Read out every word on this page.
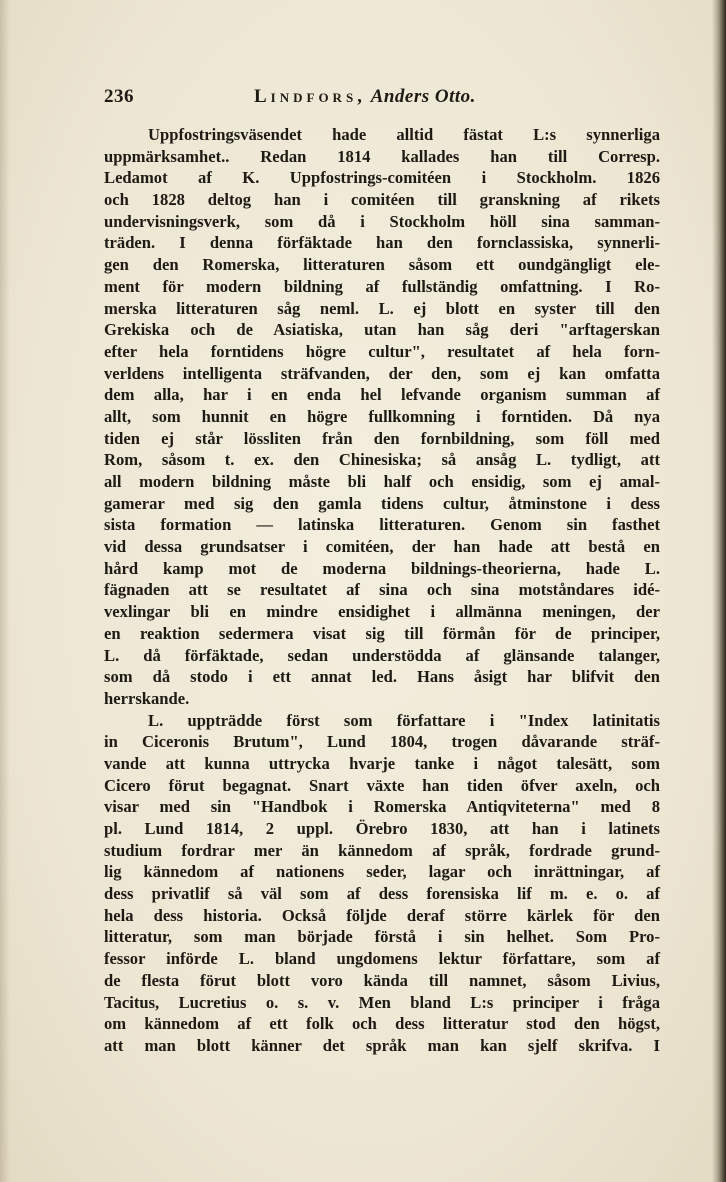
236	Lindfors, Anders Otto.
Uppfostringsväsendet hade alltid fästat L:s synnerliga
uppmärksamhet.. Redan 1814 kallades han till Corresp.
Ledamot af K. Uppfostrings-comitéen i Stockholm. 1826
och 1828 deltog han i comitéen till granskning af rikets
undervisningsverk, som då i Stockholm höll sina samman-
träden. I denna förfäktade han den fornclassiska, synnerli-
gen den Romerska, litteraturen såsom ett oundgängligt ele-
ment för modern bildning af fullständig omfattning. I Ro-
merska litteraturen såg neml. L. ej blott en syster till den
Grekiska och de Asiatiska, utan han såg deri "arftagerskan
efter hela forntidens högre cultur", resultatet af hela forn-
verldens intelligenta sträfvanden, der den, som ej kan omfatta
dem alla, har i en enda hel lefvande organism summan af
allt, som hunnit en högre fullkomning i forntiden. Då nya
tiden ej står lössliten från den fornbildning, som föll med
Rom, såsom t. ex. den Chinesiska; så ansåg L. tydligt, att
all modern bildning måste bli half och ensidig, som ej amal-
gamerar med sig den gamla tidens cultur, åtminstone i dess
sista formation — latinska litteraturen. Genom sin fasthet
vid dessa grundsatser i comitéen, der han hade att bestå en
hård kamp mot de moderna bildnings-theorierna, hade L.
fägnaden att se resultatet af sina och sina motståndares idé-
vexlingar bli en mindre ensidighet i allmänna meningen, der
en reaktion sedermera visat sig till förmån för de principer,
L. då förfäktade, sedan understödda af glänsande talanger,
som då stodo i ett annat led. Hans åsigt har blifvit den
herrskande.
L. uppträdde först som författare i "Index latinitatis
in Ciceronis Brutum", Lund 1804, trogen dåvarande sträf-
vande att kunna uttrycka hvarje tanke i något talesätt, som
Cicero förut begagnat. Snart växte han tiden öfver axeln, och
visar med sin "Handbok i Romerska Antiqviteterna" med 8
pl. Lund 1814, 2 uppl. Örebro 1830, att han i latinets
studium fordrar mer än kännedom af språk, fordrade grund-
lig kännedom af nationens seder, lagar och inrättningar, af
dess privatlif så väl som af dess forensiska lif m. e. o. af
hela dess historia. Också följde deraf större kärlek för den
litteratur, som man började förstå i sin helhet. Som Pro-
fessor införde L. bland ungdomens lektur författare, som af
de flesta förut blott voro kända till namnet, såsom Livius,
Tacitus, Lucretius o. s. v. Men bland L:s principer i fråga
om kännedom af ett folk och dess litteratur stod den högst,
att man blott känner det språk man kan sjelf skrifva. I
